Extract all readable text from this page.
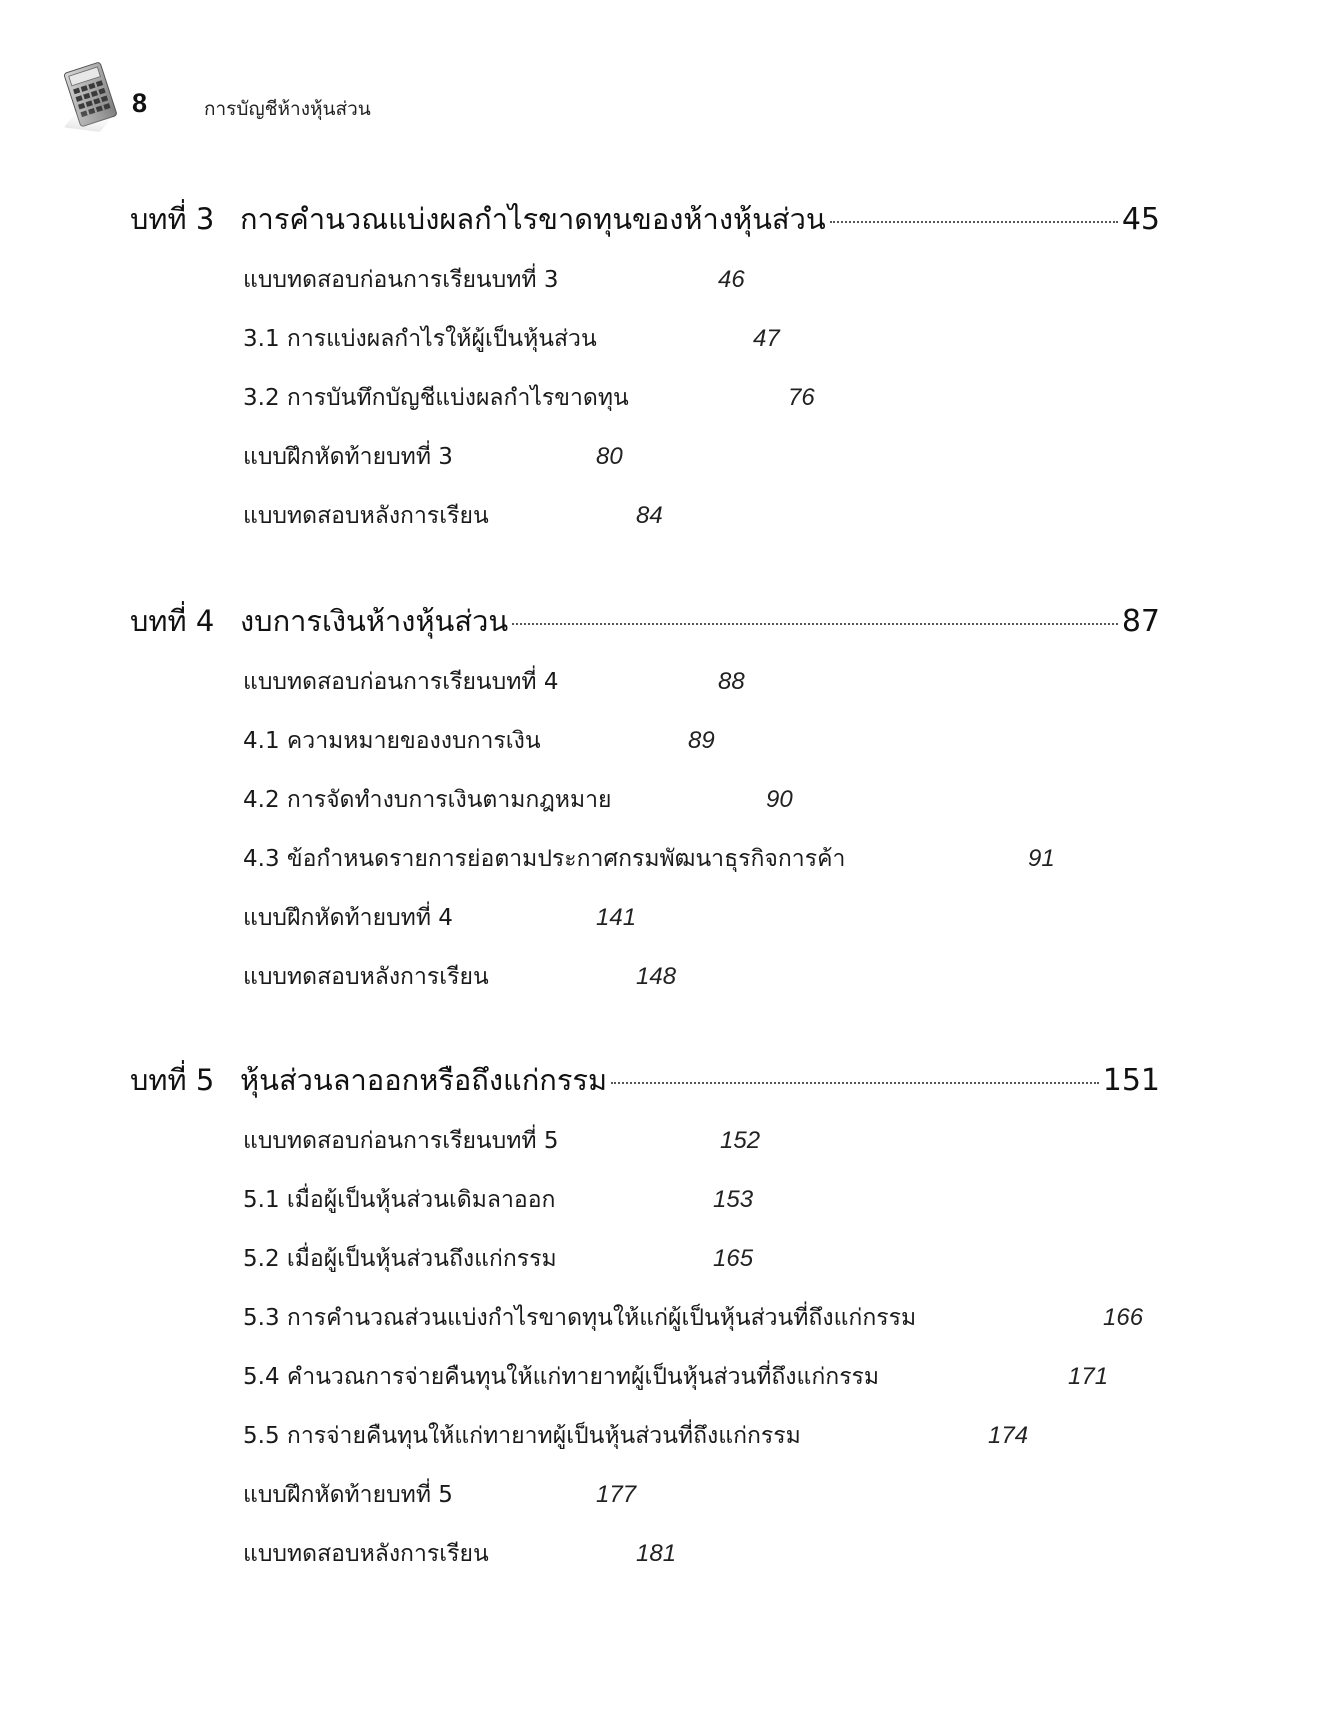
8	การบัญชีห้างหุ้นส่วน
บทที่ 3 การคำนวณแบ่งผลกำไรขาดทุนของห้างหุ้นส่วน	45
แบบทดสอบก่อนการเรียนบทที่ 3	46
3.1 การแบ่งผลกำไรให้ผู้เป็นหุ้นส่วน	47
3.2 การบันทึกบัญชีแบ่งผลกำไรขาดทุน	76
แบบฝึกหัดท้ายบทที่ 3	80
แบบทดสอบหลังการเรียน	84
บทที่ 4 งบการเงินห้างหุ้นส่วน	87
แบบทดสอบก่อนการเรียนบทที่ 4	88
4.1 ความหมายของงบการเงิน	89
4.2 การจัดทำงบการเงินตามกฎหมาย	90
4.3 ข้อกำหนดรายการย่อตามประกาศกรมพัฒนาธุรกิจการค้า	91
แบบฝึกหัดท้ายบทที่ 4	141
แบบทดสอบหลังการเรียน	148
บทที่ 5 หุ้นส่วนลาออกหรือถึงแก่กรรม	151
แบบทดสอบก่อนการเรียนบทที่ 5	152
5.1 เมื่อผู้เป็นหุ้นส่วนเดิมลาออก	153
5.2 เมื่อผู้เป็นหุ้นส่วนถึงแก่กรรม	165
5.3 การคำนวณส่วนแบ่งกำไรขาดทุนให้แก่ผู้เป็นหุ้นส่วนที่ถึงแก่กรรม	166
5.4 คำนวณการจ่ายคืนทุนให้แก่ทายาทผู้เป็นหุ้นส่วนที่ถึงแก่กรรม	171
5.5 การจ่ายคืนทุนให้แก่ทายาทผู้เป็นหุ้นส่วนที่ถึงแก่กรรม	174
แบบฝึกหัดท้ายบทที่ 5	177
แบบทดสอบหลังการเรียน	181
